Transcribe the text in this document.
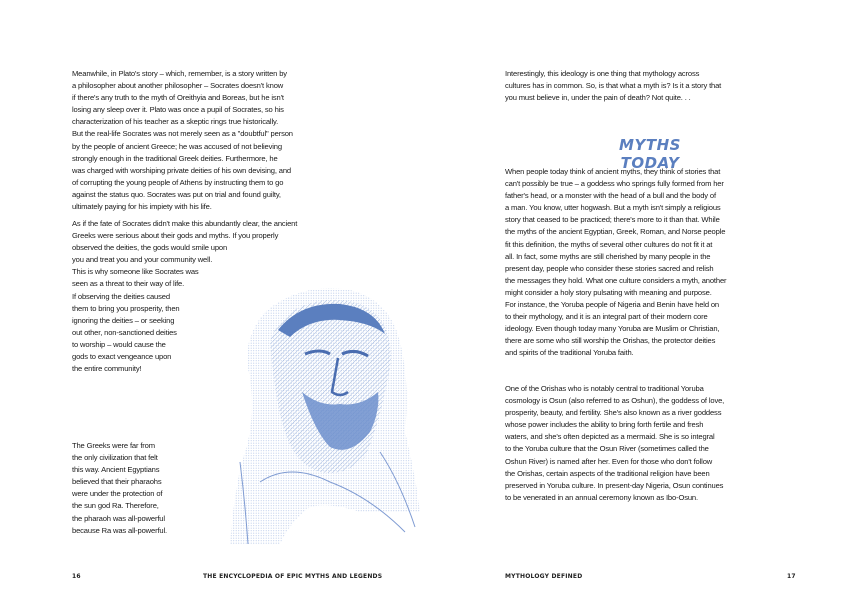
Meanwhile, in Plato's story – which, remember, is a story written by
a philosopher about another philosopher – Socrates doesn't know
if there's any truth to the myth of Oreithyia and Boreas, but he isn't
losing any sleep over it. Plato was once a pupil of Socrates, so his
characterization of his teacher as a skeptic rings true historically.
But the real-life Socrates was not merely seen as a "doubtful" person
by the people of ancient Greece; he was accused of not believing
strongly enough in the traditional Greek deities. Furthermore, he
was charged with worshiping private deities of his own devising, and
of corrupting the young people of Athens by instructing them to go
against the status quo. Socrates was put on trial and found guilty,
ultimately paying for his impiety with his life.

As if the fate of Socrates didn't make this abundantly clear, the ancient
Greeks were serious about their gods and myths. If you properly
observed the deities, the gods would smile upon
you and treat you and your community well.
This is why someone like Socrates was
seen as a threat to their way of life.
If observing the deities caused
them to bring you prosperity, then
ignoring the deities – or seeking
out other, non-sanctioned deities
to worship – would cause the
gods to exact vengeance upon
the entire community!

The Greeks were far from
the only civilization that felt
this way. Ancient Egyptians
believed that their pharaohs
were under the protection of
the sun god Ra. Therefore,
the pharaoh was all-powerful
because Ra was all-powerful.

16	THE ENCYCLOPEDIA OF EPIC MYTHS AND LEGENDS

Interestingly, this ideology is one thing that mythology across
cultures has in common. So, is that what a myth is? Is it a story that
you must believe in, under the pain of death? Not quite. . .

MYTHS TODAY

When people today think of ancient myths, they think of stories that
can't possibly be true – a goddess who springs fully formed from her
father's head, or a monster with the head of a bull and the body of
a man. You know, utter hogwash. But a myth isn't simply a religious
story that ceased to be practiced; there's more to it than that. While
the myths of the ancient Egyptian, Greek, Roman, and Norse people
fit this definition, the myths of several other cultures do not fit it at
all. In fact, some myths are still cherished by many people in the
present day, people who consider these stories sacred and relish
the messages they hold. What one culture considers a myth, another
might consider a holy story pulsating with meaning and purpose.
For instance, the Yoruba people of Nigeria and Benin have held on
to their mythology, and it is an integral part of their modern core
ideology. Even though today many Yoruba are Muslim or Christian,
there are some who still worship the Orishas, the protector deities
and spirits of the traditional Yoruba faith.

One of the Orishas who is notably central to traditional Yoruba
cosmology is Osun (also referred to as Oshun), the goddess of love,
prosperity, beauty, and fertility. She's also known as a river goddess
whose power includes the ability to bring forth fertile and fresh
waters, and she's often depicted as a mermaid. She is so integral
to the Yoruba culture that the Osun River (sometimes called the
Oshun River) is named after her. Even for those who don't follow
the Orishas, certain aspects of the traditional religion have been
preserved in Yoruba culture. In present-day Nigeria, Osun continues
to be venerated in an annual ceremony known as Ibo-Osun.

MYTHOLOGY DEFINED	17
